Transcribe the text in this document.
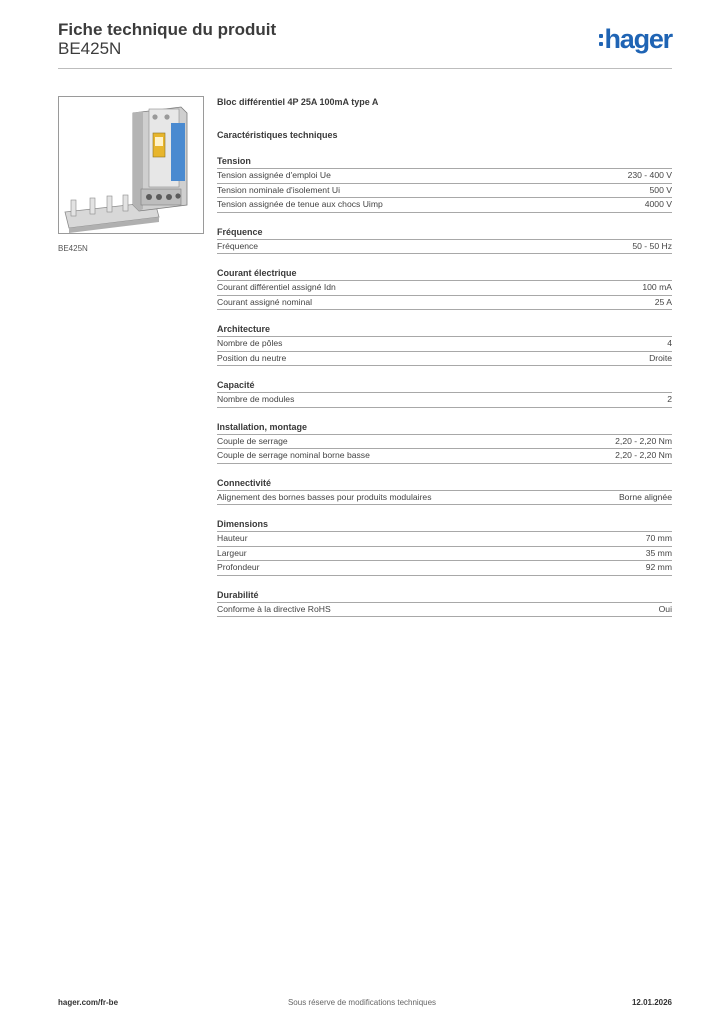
Fiche technique du produit
BE425N	hager
BE425N
Bloc différentiel 4P 25A 100mA type A
Caractéristiques techniques
Tension
Tension assignée d'emploi Ue	230 - 400 V
Tension nominale d'isolement Ui	500 V
Tension assignée de tenue aux chocs Uimp	4000 V
Fréquence
Fréquence	50 - 50 Hz
Courant électrique
Courant différentiel assigné Idn	100 mA
Courant assigné nominal	25 A
Architecture
Nombre de pôles	4
Position du neutre	Droite
Capacité
Nombre de modules	2
Installation, montage
Couple de serrage	2,20 - 2,20 Nm
Couple de serrage nominal borne basse	2,20 - 2,20 Nm
Connectivité
Alignement des bornes basses pour produits modulaires	Borne alignée
Dimensions
Hauteur	70 mm
Largeur	35 mm
Profondeur	92 mm
Durabilité
Conforme à la directive RoHS	Oui
hager.com/fr-be	Sous réserve de modifications techniques	12.01.2026
